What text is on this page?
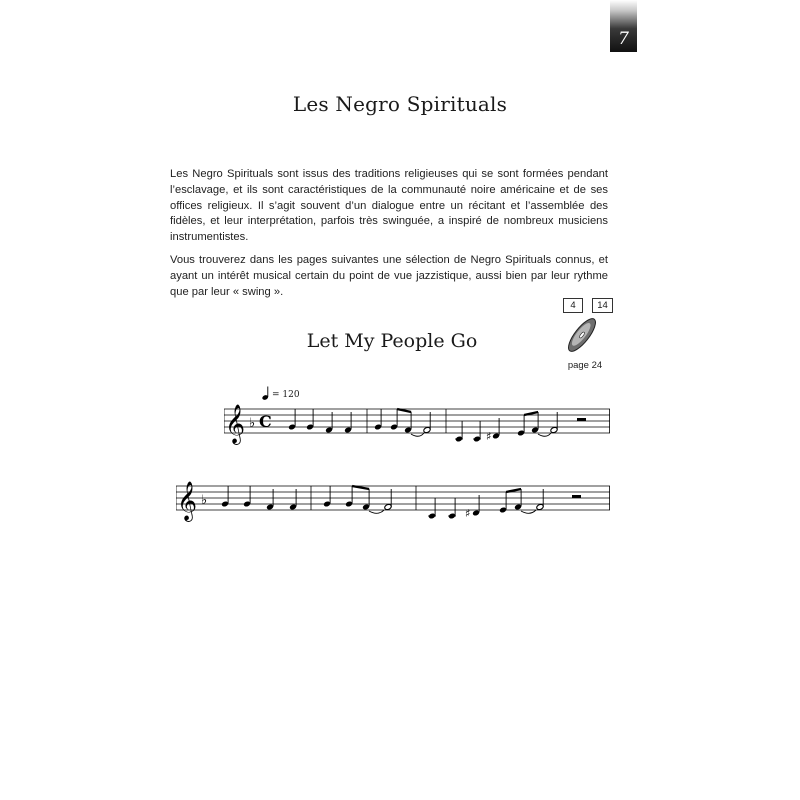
7
Les Negro Spirituals

Les Negro Spirituals sont issus des traditions religieuses qui se sont formées pendant l’esclavage, et ils sont caractéristiques de la communauté noire américaine et de ses offices religieux. Il s’agit souvent d’un dialogue entre un récitant et l’assemblée des fidèles, et leur interprétation, parfois très swinguée, a inspiré de nombreux musiciens instrumentistes.

Vous trouverez dans les pages suivantes une sélection de Negro Spirituals connus, et ayant un intérêt musical certain du point de vue jazzistique, aussi bien par leur rythme que par leur « swing ».

Let My People Go
4	14
page 24
= 120
𝄞 ♭ C
♯
𝄞 ♭
♯
